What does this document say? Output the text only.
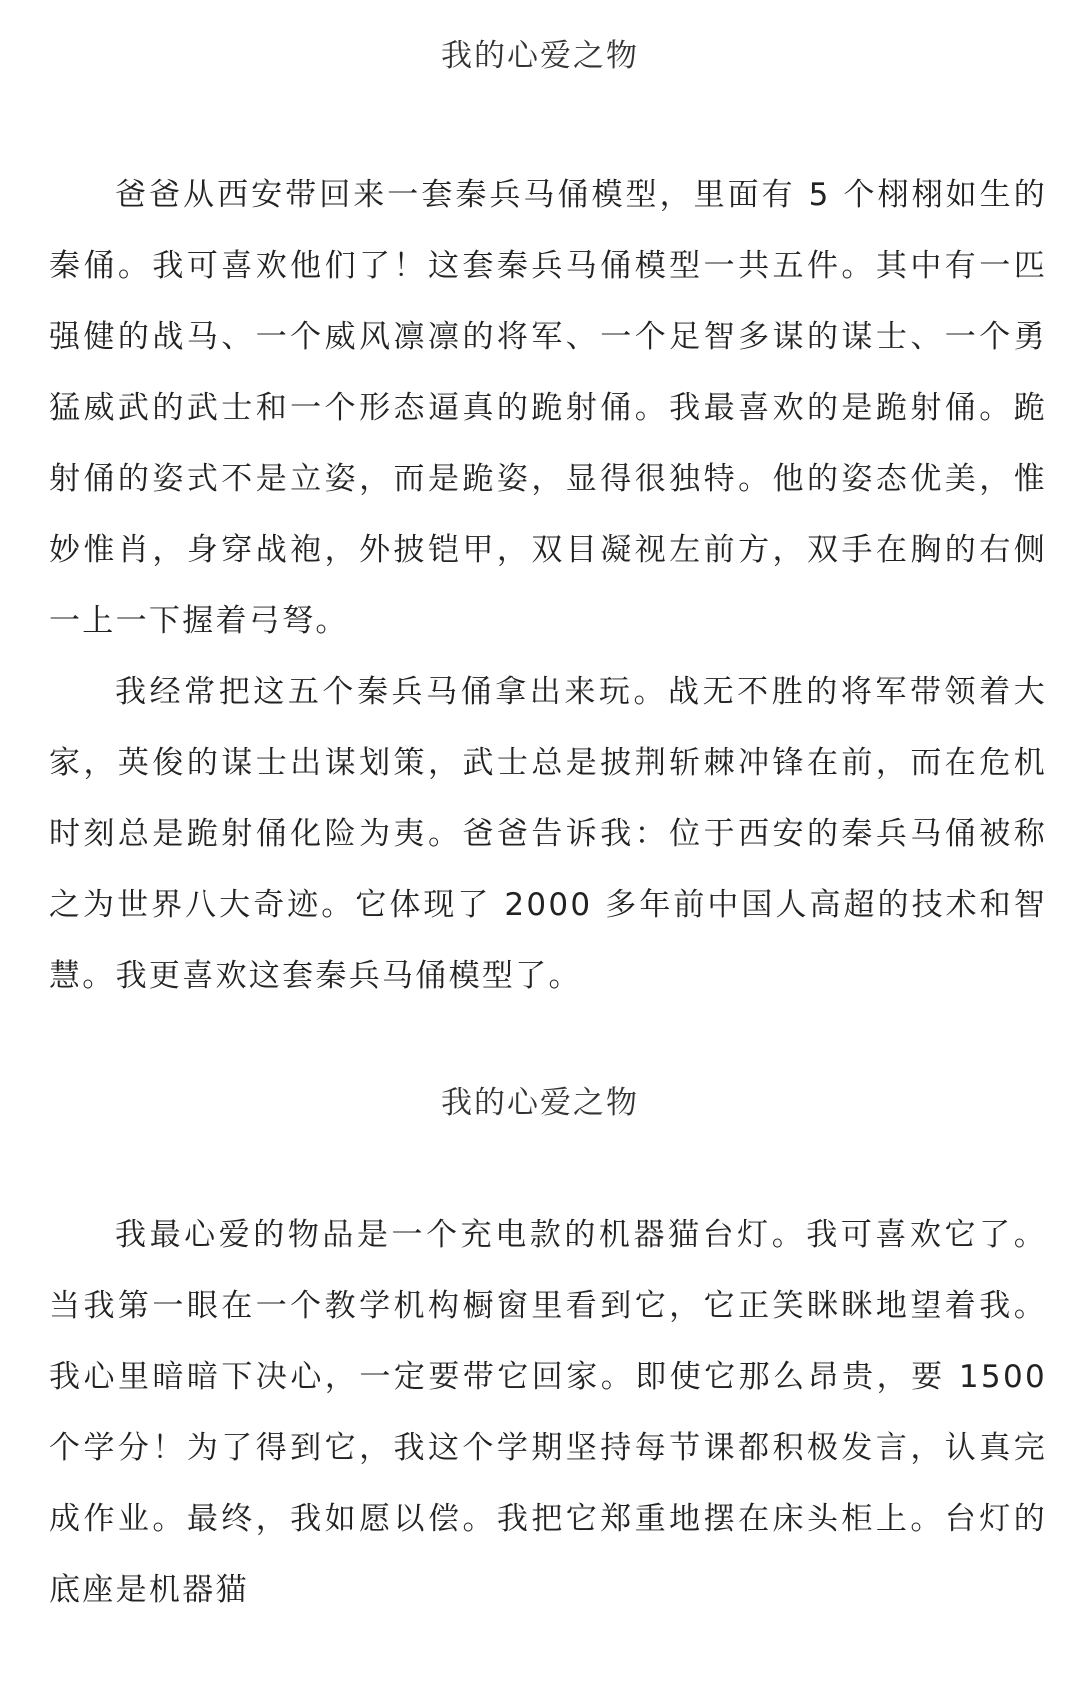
我的心爱之物

爸爸从西安带回来一套秦兵马俑模型，里面有 5 个栩栩如生的秦俑。我可喜欢他们了！这套秦兵马俑模型一共五件。其中有一匹强健的战马、一个威风凛凛的将军、一个足智多谋的谋士、一个勇猛威武的武士和一个形态逼真的跪射俑。我最喜欢的是跪射俑。跪射俑的姿式不是立姿，而是跪姿，显得很独特。他的姿态优美，惟妙惟肖，身穿战袍，外披铠甲，双目凝视左前方，双手在胸的右侧一上一下握着弓弩。

我经常把这五个秦兵马俑拿出来玩。战无不胜的将军带领着大家，英俊的谋士出谋划策，武士总是披荆斩棘冲锋在前，而在危机时刻总是跪射俑化险为夷。爸爸告诉我：位于西安的秦兵马俑被称之为世界八大奇迹。它体现了 2000 多年前中国人高超的技术和智慧。我更喜欢这套秦兵马俑模型了。

我的心爱之物

我最心爱的物品是一个充电款的机器猫台灯。我可喜欢它了。当我第一眼在一个教学机构橱窗里看到它，它正笑眯眯地望着我。我心里暗暗下决心，一定要带它回家。即使它那么昂贵，要 1500 个学分！为了得到它，我这个学期坚持每节课都积极发言，认真完成作业。最终，我如愿以偿。我把它郑重地摆在床头柜上。台灯的底座是机器猫
